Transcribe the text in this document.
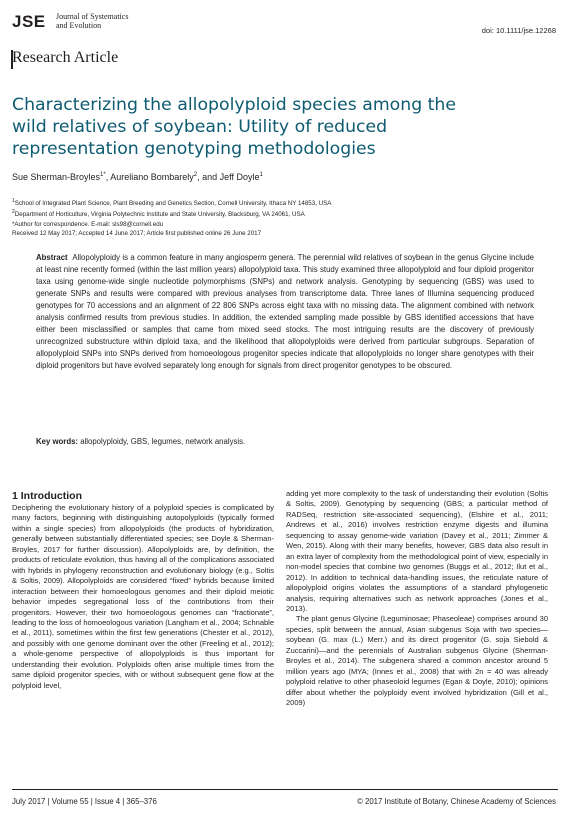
JSE Journal of Systematics
and Evolution
doi: 10.1111/jse.12268
Research Article
Characterizing the allopolyploid species among the wild relatives of soybean: Utility of reduced representation genotyping methodologies
Sue Sherman-Broyles$^{1*}$, Aureliano Bombarely$^2$, and Jeff Doyle$^1$
$^1$School of Integrated Plant Science, Plant Breeding and Genetics Section, Cornell University, Ithaca NY 14853, USA
$^2$Department of Horticulture, Virginia Polytechnic Institute and State University, Blacksburg, VA 24061, USA
*Author for correspondence. E-mail: sls98@cornell.edu
Received 12 May 2017; Accepted 14 June 2017; Article first published online 26 June 2017
Abstract Allopolyploidy is a common feature in many angiosperm genera. The perennial wild relatives of soybean in the genus Glycine include at least nine recently formed (within the last million years) allopolyploid taxa. This study examined three allopolyploid and four diploid progenitor taxa using genome-wide single nucleotide polymorphisms (SNPs) and network analysis. Genotyping by sequencing (GBS) was used to generate SNPs and results were compared with previous analyses from transcriptome data. Three lanes of Illumina sequencing produced genotypes for 70 accessions and an alignment of 22 806 SNPs across eight taxa with no missing data. The alignment combined with network analysis confirmed results from previous studies. In addition, the extended sampling made possible by GBS identified accessions that have either been misclassified or samples that came from mixed seed stocks. The most intriguing results are the discovery of previously unrecognized substructure within diploid taxa, and the likelihood that allopolyploids were derived from particular subgroups. Separation of allopolyploid SNPs into SNPs derived from homoeologous progenitor species indicate that allopolyploids no longer share genotypes with their diploid progenitors but have evolved separately long enough for signals from direct progenitor genotypes to be obscured.
Key words: allopolyploidy, GBS, legumes, network analysis.
1 Introduction

Deciphering the evolutionary history of a polyploid species is complicated by many factors, beginning with distinguishing autopolyploids (typically formed within a single species) from allopolyploids (the products of hybridization, generally between substantially differentiated species; see Doyle & Sherman-Broyles, 2017 for further discussion). Allopolyploids are, by definition, the products of reticulate evolution, thus having all of the complications associated with hybrids in phylogeny reconstruction and evolutionary biology (e.g., Soltis & Soltis, 2009). Allopolyploids are considered “fixed” hybrids because limited interaction between their homoeologous genomes and their diploid meiotic behavior impedes segregational loss of the contributions from their progenitors. However, their two homoeologous genomes can “fractionate”, leading to the loss of homoeologous variation (Langham et al., 2004; Schnable et al., 2011), sometimes within the first few generations (Chester et al., 2012), and possibly with one genome dominant over the other (Freeling et al., 2012); a whole-genome perspective of allopolyploids is thus important for understanding their evolution. Polyploids often arise multiple times from the same diploid progenitor species, with or without subsequent gene flow at the polyploid level,

adding yet more complexity to the task of understanding their evolution (Soltis & Soltis, 2009). Genotyping by sequencing (GBS; a particular method of RADSeq, restriction site-associated sequencing), (Elshire et al., 2011; Andrews et al., 2016) involves restriction enzyme digests and illumina sequencing to assay genome-wide variation (Davey et al., 2011; Zimmer & Wen, 2015). Along with their many benefits, however, GBS data also result in an extra layer of complexity from the methodological point of view, especially in non-model species that combine two genomes (Buggs et al., 2012; Ilut et al., 2012). In addition to technical data-handling issues, the reticulate nature of allopolyploid origins violates the assumptions of a standard phylogenetic analysis, requiring alternatives such as network approaches (Jones et al., 2013).

The plant genus Glycine (Leguminosae; Phaseoleae) comprises around 30 species, split between the annual, Asian subgenus Soja with two species—soybean (G. max (L.) Merr.) and its direct progenitor (G. soja Siebold & Zuccarini)—and the perennials of Australian subgenus Glycine (Sherman-Broyles et al., 2014). The subgenera shared a common ancestor around 5 million years ago (MYA; (Innes et al., 2008) that with 2n = 40 was already polyploid relative to other phaseoloid legumes (Egan & Doyle, 2010); opinions differ about whether the polyploidy event involved hybridization (Gill et al., 2009)

July 2017 | Volume 55 | Issue 4 | 365–376	© 2017 Institute of Botany, Chinese Academy of Sciences
